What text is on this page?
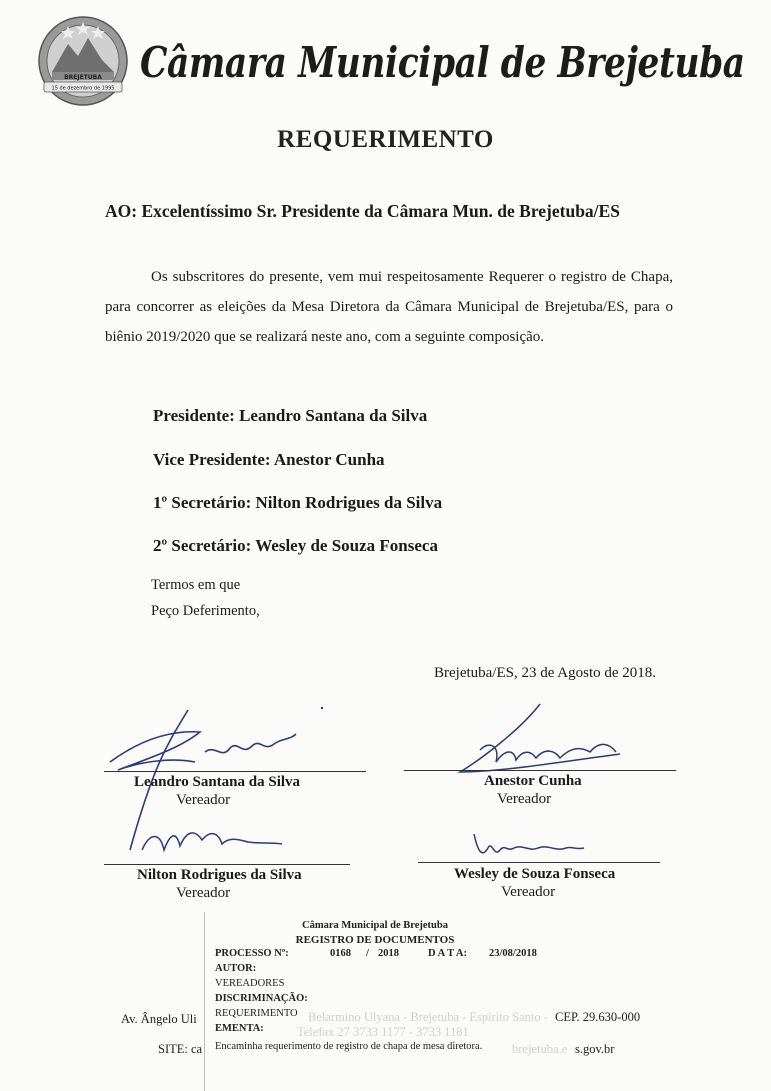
BREJETUBA
15 de dezembro de 1995
Câmara Municipal de Brejetuba
REQUERIMENTO
AO: Excelentíssimo Sr. Presidente da Câmara Mun. de Brejetuba/ES
Os subscritores do presente, vem mui respeitosamente Requerer o registro de Chapa, para concorrer as eleições da Mesa Diretora da Câmara Municipal de Brejetuba/ES, para o biênio 2019/2020 que se realizará neste ano, com a seguinte composição.
Presidente: Leandro Santana da Silva
Vice Presidente: Anestor Cunha
1º Secretário: Nilton Rodrigues da Silva
2º Secretário: Wesley de Souza Fonseca
Termos em que
Peço Deferimento,
Brejetuba/ES, 23 de Agosto de 2018.
Leandro Santana da Silva
Vereador
Anestor Cunha
Vereador
Nilton Rodrigues da Silva
Vereador
Wesley de Souza Fonseca
Vereador
Câmara Municipal de Brejetuba
REGISTRO DE DOCUMENTOS
PROCESSO Nº:	0168 / 2018	D A T A: 23/08/2018
AUTOR:
VEREADORES
DISCRIMINAÇÃO:
REQUERIMENTO
EMENTA:
Encaminha requerimento de registro de chapa de mesa diretora.
Av. Ângelo Uli	Belarmino Ulyana - Brejetuba - Espírito Santo - CEP. 29.630-000
Telefax 27 3733 1177 - 3733 1181
SITE: ca	brejetuba.e s.gov.br
